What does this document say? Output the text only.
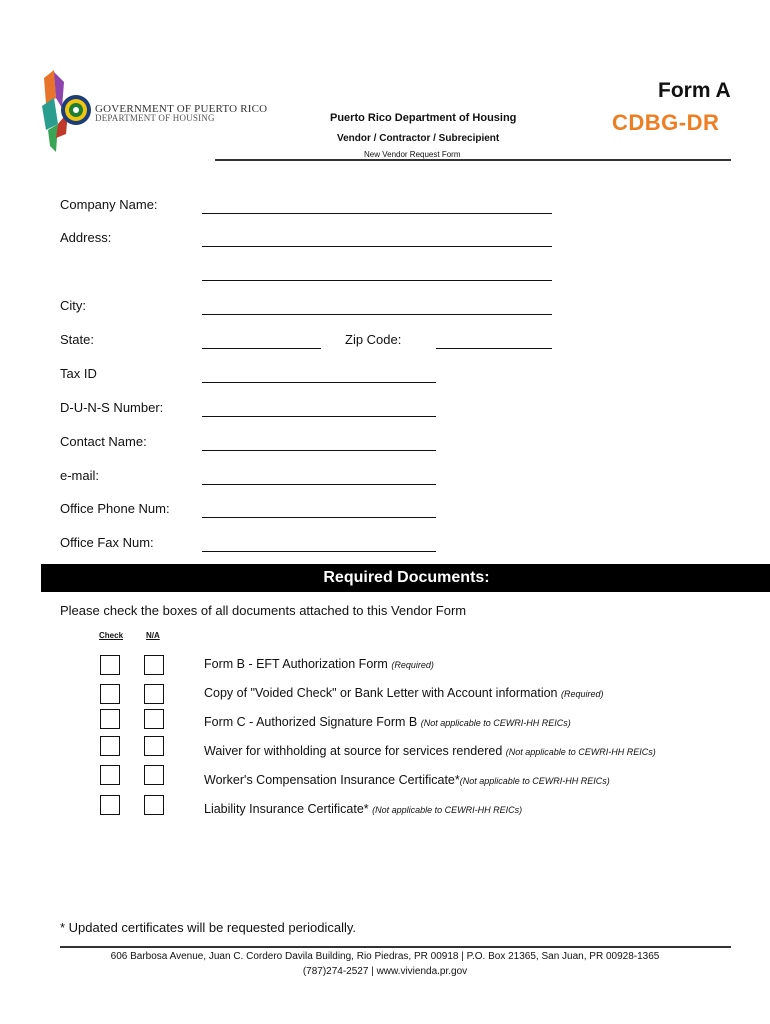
GOVERNMENT OF PUERTO RICO
DEPARTMENT OF HOUSING	Puerto Rico Department of Housing
Vendor / Contractor / Subrecipient
New Vendor Request Form
Form A
CDBG-DR
Company Name:
Address:
City:
State:	Zip Code:
Tax ID
D-U-N-S Number:
Contact Name:
e-mail:
Office Phone Num:
Office Fax Num:
Required Documents:
Please check the boxes of all documents attached to this Vendor Form
Check	N/A
Form B - EFT Authorization Form (Required)
Copy of "Voided Check" or Bank Letter with Account information (Required)
Form C - Authorized Signature Form B (Not applicable to CEWRI-HH REICs)
Waiver for withholding at source for services rendered (Not applicable to CEWRI-HH REICs)
Worker's Compensation Insurance Certificate*(Not applicable to CEWRI-HH REICs)
Liability Insurance Certificate* (Not applicable to CEWRI-HH REICs)
* Updated certificates will be requested periodically.
606 Barbosa Avenue, Juan C. Cordero Davila Building, Rio Piedras, PR 00918 | P.O. Box 21365, San Juan, PR 00928-1365
(787)274-2527 | www.vivienda.pr.gov
